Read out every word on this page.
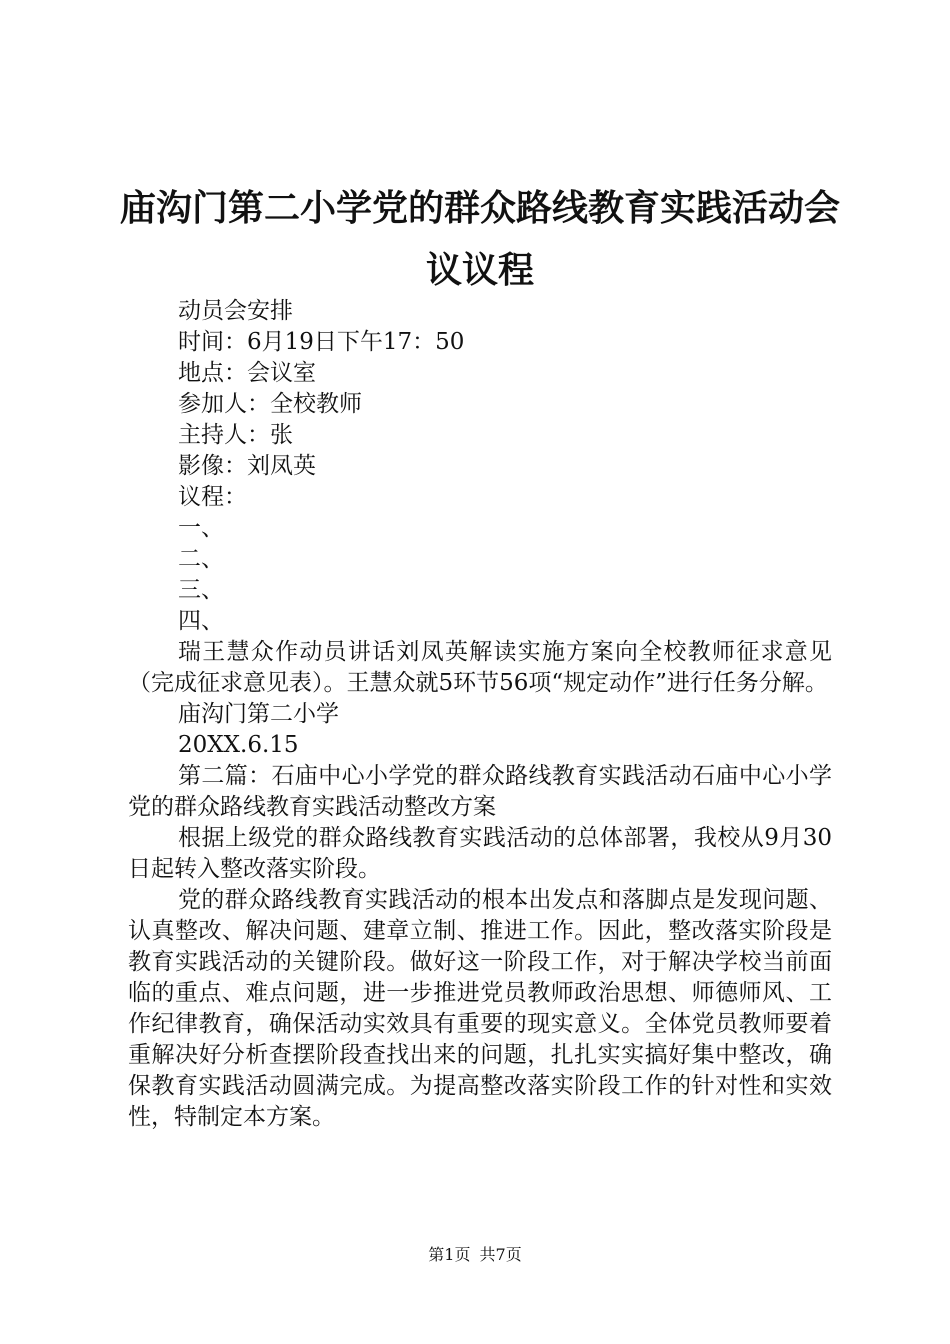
庙沟门第二小学党的群众路线教育实践活动会议议程
动员会安排
时间：6月19日下午17：50
地点：会议室
参加人：全校教师
主持人：张
影像：刘凤英
议程：
一、
二、
三、
四、

瑞王慧众作动员讲话刘凤英解读实施方案向全校教师征求意见（完成征求意见表）。王慧众就5环节56项“规定动作”进行任务分解。

庙沟门第二小学
20XX.6.15

第二篇：石庙中心小学党的群众路线教育实践活动石庙中心小学党的群众路线教育实践活动整改方案

根据上级党的群众路线教育实践活动的总体部署，我校从9月30日起转入整改落实阶段。

党的群众路线教育实践活动的根本出发点和落脚点是发现问题、认真整改、解决问题、建章立制、推进工作。因此，整改落实阶段是教育实践活动的关键阶段。做好这一阶段工作，对于解决学校当前面临的重点、难点问题，进一步推进党员教师政治思想、师德师风、工作纪律教育，确保活动实效具有重要的现实意义。全体党员教师要着重解决好分析查摆阶段查找出来的问题，扎扎实实搞好集中整改，确保教育实践活动圆满完成。为提高整改落实阶段工作的针对性和实效性，特制定本方案。

第1页 共7页
